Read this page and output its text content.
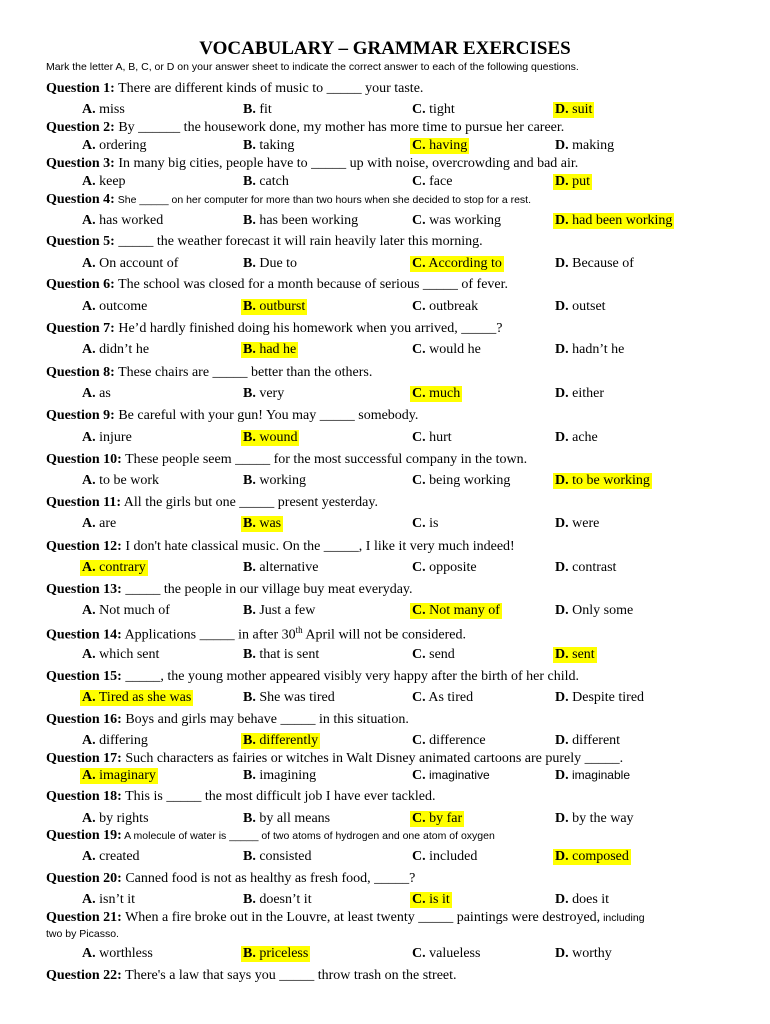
VOCABULARY – GRAMMAR EXERCISES
Mark the letter A, B, C, or D on your answer sheet to indicate the correct answer to each of the following questions.
Question 1: There are different kinds of music to _____ your taste.
A. miss	B. fit	C. tight	D. suit
Question 2: By ______ the housework done, my mother has more time to pursue her career.
A. ordering	B. taking	C. having	D. making
Question 3: In many big cities, people have to _____ up with noise, overcrowding and bad air.
A. keep	B. catch	C. face	D. put
Question 4: She _____ on her computer for more than two hours when she decided to stop for a rest.
A. has worked	B. has been working	C. was working	D. had been working
Question 5: _____ the weather forecast it will rain heavily later this morning.
A. On account of	B. Due to	C. According to	D. Because of
Question 6: The school was closed for a month because of serious _____ of fever.
A. outcome	B. outburst	C. outbreak	D. outset
Question 7: He’d hardly finished doing his homework when you arrived, _____?
A. didn’t he	B. had he	C. would he	D. hadn’t he
Question 8: These chairs are _____ better than the others.
A. as	B. very	C. much	D. either
Question 9: Be careful with your gun! You may _____ somebody.
A. injure	B. wound	C. hurt	D. ache
Question 10: These people seem _____ for the most successful company in the town.
A. to be work	B. working	C. being working	D. to be working
Question 11: All the girls but one _____ present yesterday.
A. are	B. was	C. is	D. were
Question 12: I don't hate classical music. On the _____, I like it very much indeed!
A. contrary	B. alternative	C. opposite	D. contrast
Question 13: _____ the people in our village buy meat everyday.
A. Not much of	B. Just a few	C. Not many of	D. Only some
Question 14: Applications _____ in after 30th April will not be considered.
A. which sent	B. that is sent	C. send	D. sent
Question 15: _____, the young mother appeared visibly very happy after the birth of her child.
A. Tired as she was	B. She was tired	C. As tired	D. Despite tired
Question 16: Boys and girls may behave _____ in this situation.
A. differing	B. differently	C. difference	D. different
Question 17: Such characters as fairies or witches in Walt Disney animated cartoons are purely _____.
A. imaginary	B. imagining	C. imaginative	D. imaginable
Question 18: This is _____ the most difficult job I have ever tackled.
A. by rights	B. by all means	C. by far	D. by the way
Question 19: A molecule of water is _____ of two atoms of hydrogen and one atom of oxygen
A. created	B. consisted	C. included	D. composed
Question 20: Canned food is not as healthy as fresh food, _____?
A. isn’t it	B. doesn’t it	C. is it	D. does it
Question 21: When a fire broke out in the Louvre, at least twenty _____ paintings were destroyed, including
two by Picasso.
A. worthless	B. priceless	C. valueless	D. worthy
Question 22: There's a law that says you _____ throw trash on the street.
